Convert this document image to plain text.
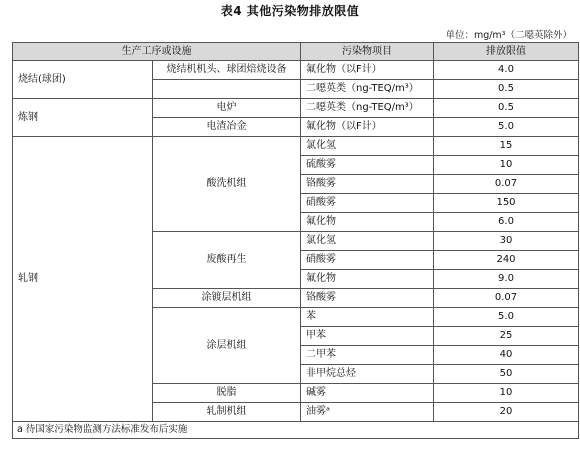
表4 其他污染物排放限值
单位：mg/m³（二噁英除外）
生产工序或设施		污染物项目	排放限值
烧结(球团)	烧结机机头、球团焙烧设备	氟化物（以F计）	4.0
		二噁英类（ng-TEQ/m³）	0.5
炼钢	电炉	二噁英类（ng-TEQ/m³）	0.5
	电渣冶金	氟化物（以F计）	5.0
轧钢	酸洗机组	氯化氢	15
		硫酸雾	10
		铬酸雾	0.07
		硝酸雾	150
		氟化物	6.0
	废酸再生	氯化氢	30
		硝酸雾	240
		氟化物	9.0
	涂镀层机组	铬酸雾	0.07
	涂层机组	苯	5.0
		甲苯	25
		二甲苯	40
		非甲烷总烃	50
	脱脂	碱雾	10
	轧制机组	油雾ᵃ	20
a 待国家污染物监测方法标准发布后实施			
